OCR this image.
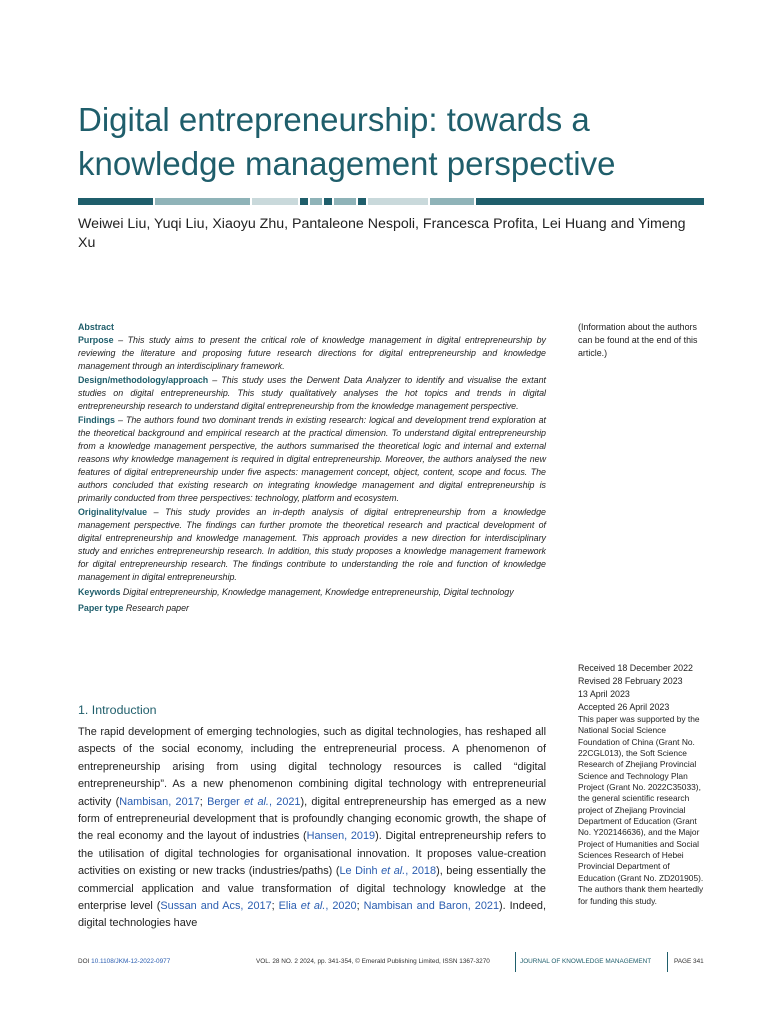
Digital entrepreneurship: towards a knowledge management perspective
Weiwei Liu, Yuqi Liu, Xiaoyu Zhu, Pantaleone Nespoli, Francesca Profita, Lei Huang and Yimeng Xu
Abstract

Purpose – This study aims to present the critical role of knowledge management in digital entrepreneurship by reviewing the literature and proposing future research directions for digital entrepreneurship and knowledge management through an interdisciplinary framework.

Design/methodology/approach – This study uses the Derwent Data Analyzer to identify and visualise the extant studies on digital entrepreneurship. This study qualitatively analyses the hot topics and trends in digital entrepreneurship research to understand digital entrepreneurship from the knowledge management perspective.

Findings – The authors found two dominant trends in existing research: logical and development trend exploration at the theoretical background and empirical research at the practical dimension. To understand digital entrepreneurship from a knowledge management perspective, the authors summarised the theoretical logic and internal and external reasons why knowledge management is required in digital entrepreneurship. Moreover, the authors analysed the new features of digital entrepreneurship under five aspects: management concept, object, content, scope and focus. The authors concluded that existing research on integrating knowledge management and digital entrepreneurship is primarily conducted from three perspectives: technology, platform and ecosystem.

Originality/value – This study provides an in-depth analysis of digital entrepreneurship from a knowledge management perspective. The findings can further promote the theoretical research and practical development of digital entrepreneurship and knowledge management. This approach provides a new direction for interdisciplinary study and enriches entrepreneurship research. In addition, this study proposes a knowledge management framework for digital entrepreneurship research. The findings contribute to understanding the role and function of knowledge management in digital entrepreneurship.

Keywords Digital entrepreneurship, Knowledge management, Knowledge entrepreneurship, Digital technology

Paper type Research paper

(Information about the authors can be found at the end of this article.)
Received 18 December 2022
Revised 28 February 2023
13 April 2023
Accepted 26 April 2023
This paper was supported by the National Social Science Foundation of China (Grant No. 22CGL013), the Soft Science Research of Zhejiang Provincial Science and Technology Plan Project (Grant No. 2022C35033), the general scientific research project of Zhejiang Provincial Department of Education (Grant No. Y202146636), and the Major Project of Humanities and Social Sciences Research of Hebei Provincial Department of Education (Grant No. ZD201905). The authors thank them heartedly for funding this study.
1. Introduction
The rapid development of emerging technologies, such as digital technologies, has reshaped all aspects of the social economy, including the entrepreneurial process. A phenomenon of entrepreneurship arising from using digital technology resources is called “digital entrepreneurship”. As a new phenomenon combining digital technology with entrepreneurial activity (Nambisan, 2017; Berger et al., 2021), digital entrepreneurship has emerged as a new form of entrepreneurial development that is profoundly changing economic growth, the shape of the real economy and the layout of industries (Hansen, 2019). Digital entrepreneurship refers to the utilisation of digital technologies for organisational innovation. It proposes value-creation activities on existing or new tracks (industries/paths) (Le Dinh et al., 2018), being essentially the commercial application and value transformation of digital technology knowledge at the enterprise level (Sussan and Acs, 2017; Elia et al., 2020; Nambisan and Baron, 2021). Indeed, digital technologies have
DOI 10.1108/JKM-12-2022-0977	VOL. 28 NO. 2 2024, pp. 341-354, © Emerald Publishing Limited, ISSN 1367-3270	JOURNAL OF KNOWLEDGE MANAGEMENT	PAGE 341
